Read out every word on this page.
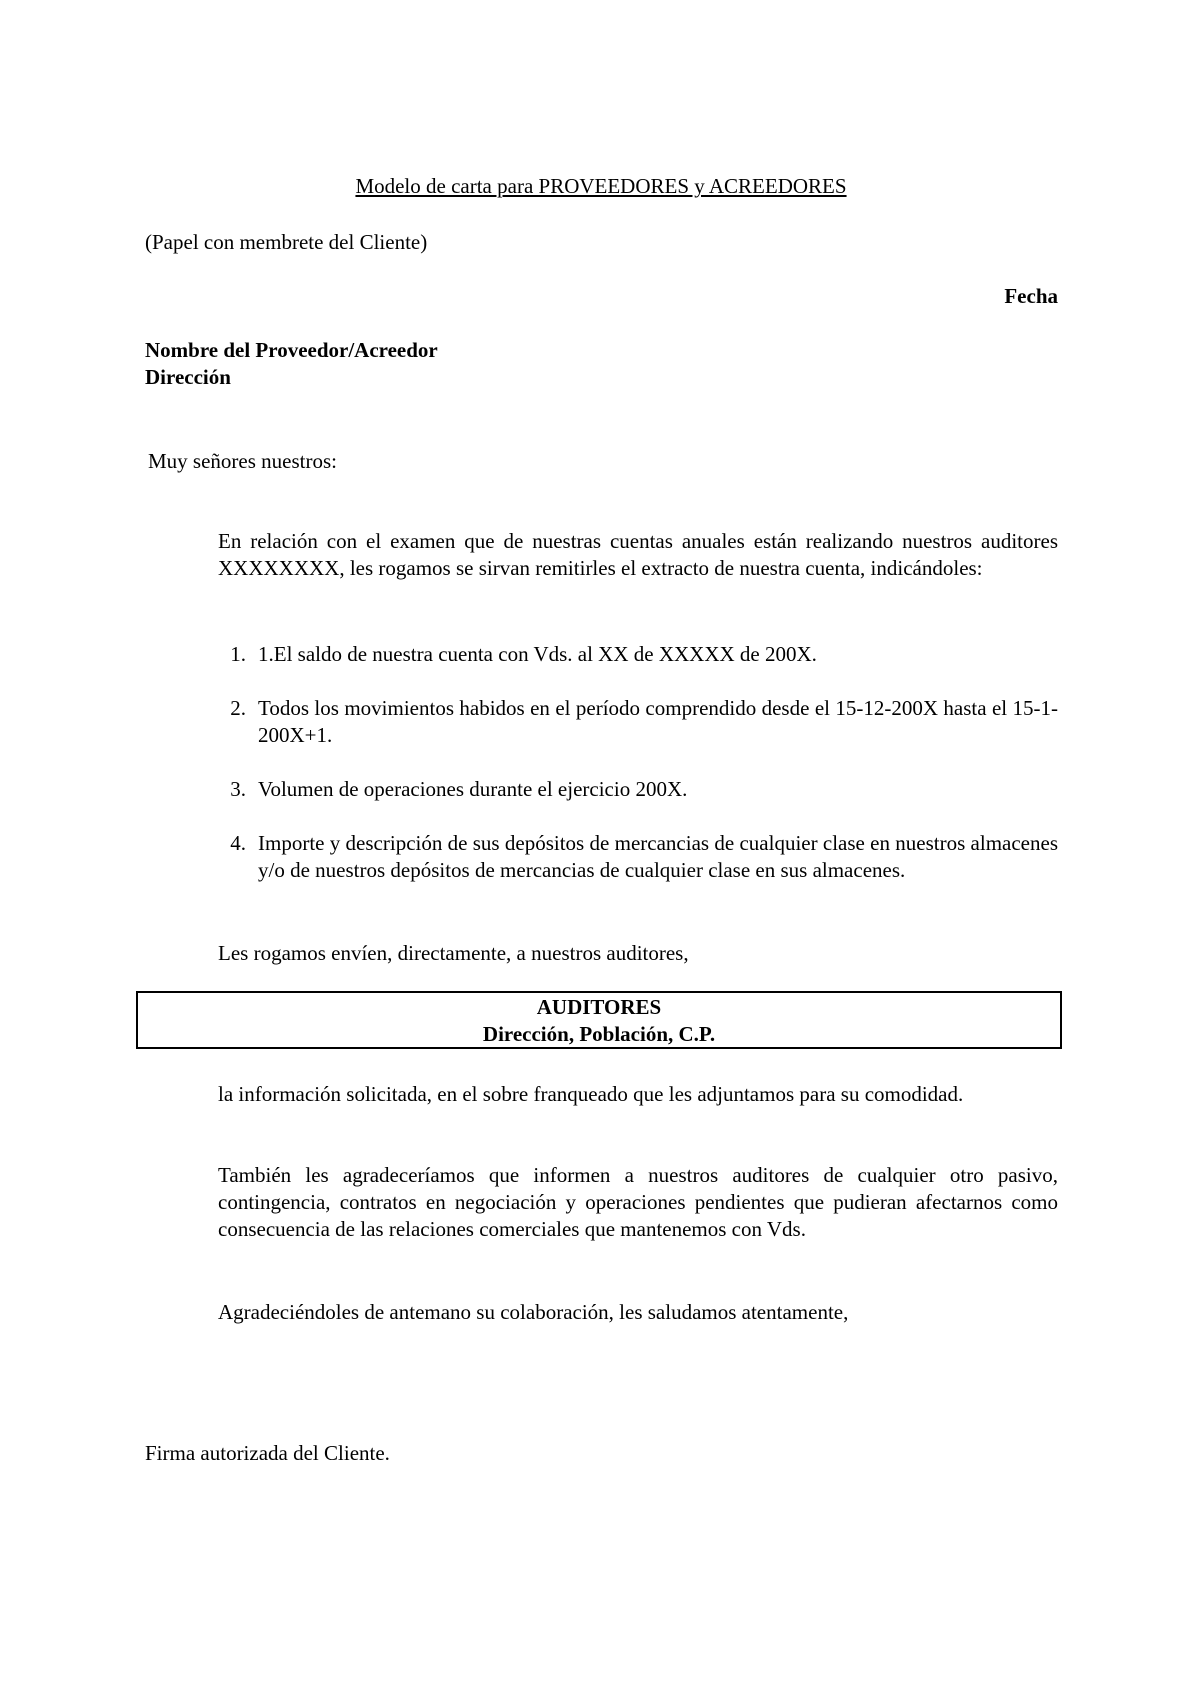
Modelo de carta para PROVEEDORES y ACREEDORES

(Papel con membrete del Cliente)

Fecha

Nombre del Proveedor/Acreedor

Dirección

Muy señores nuestros:

En relación con el examen que de nuestras cuentas anuales están realizando nuestros auditores XXXXXXXX, les rogamos se sirvan remitirles el extracto de nuestra cuenta, indicándoles:

1. 1.El saldo de nuestra cuenta con Vds. al XX de XXXXX de 200X.
2. Todos los movimientos habidos en el período comprendido desde el 15-12-200X hasta el 15-1-200X+1.
3. Volumen de operaciones durante el ejercicio 200X.
4. Importe y descripción de sus depósitos de mercancias de cualquier clase en nuestros almacenes y/o de nuestros depósitos de mercancias de cualquier clase en sus almacenes.

Les rogamos envíen, directamente, a nuestros auditores,

AUDITORES
Dirección, Población, C.P.

la información solicitada, en el sobre franqueado que les adjuntamos para su comodidad.

También les agradeceríamos que informen a nuestros auditores de cualquier otro pasivo, contingencia, contratos en negociación y operaciones pendientes que pudieran afectarnos como consecuencia de las relaciones comerciales que mantenemos con Vds.

Agradeciéndoles de antemano su colaboración, les saludamos atentamente,

Firma autorizada del Cliente.
